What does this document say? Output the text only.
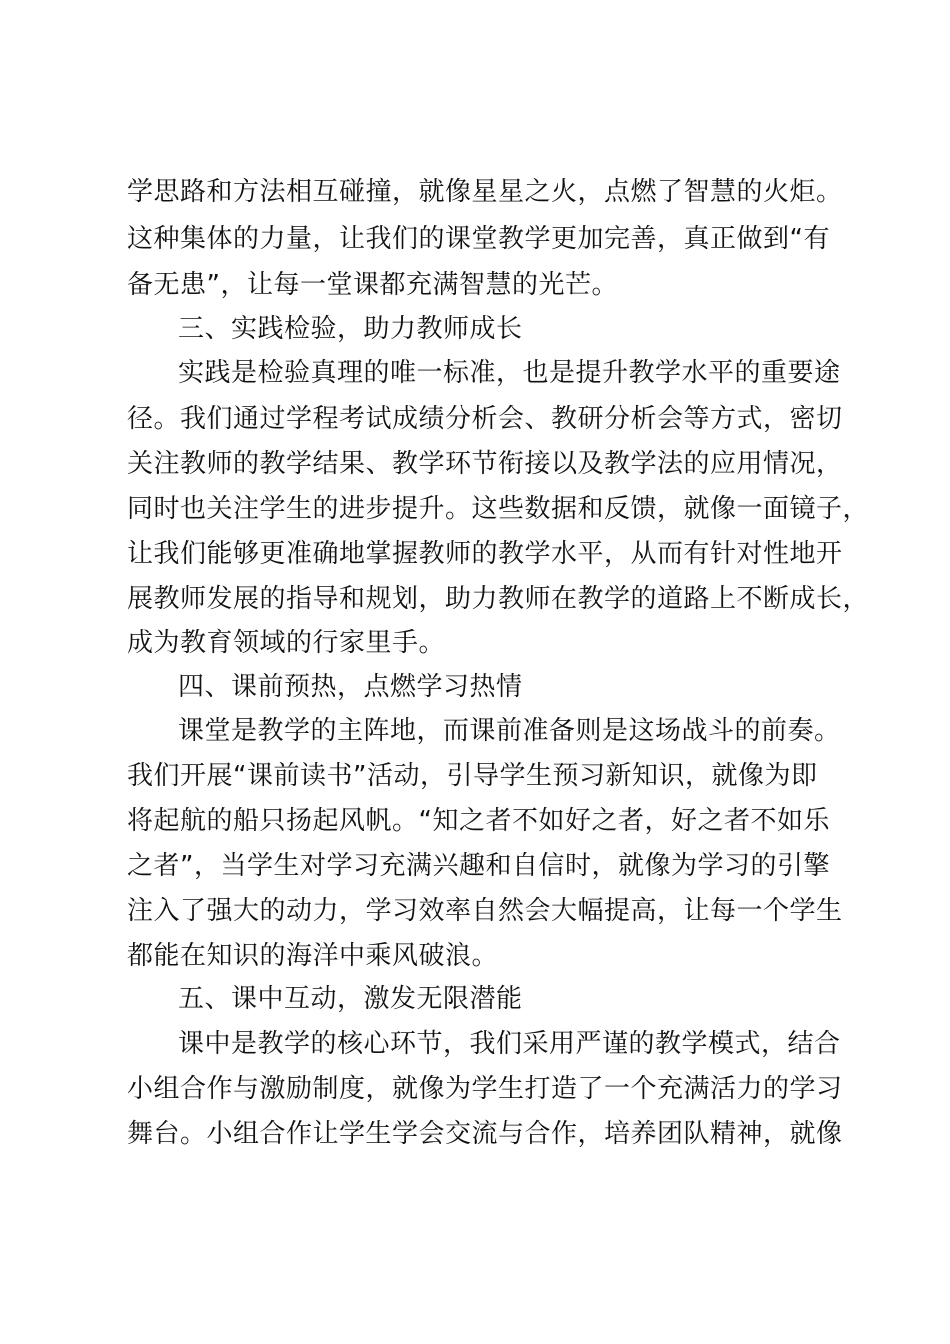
学思路和方法相互碰撞，就像星星之火，点燃了智慧的火炬。
这种集体的力量，让我们的课堂教学更加完善，真正做到“有
备无患”，让每一堂课都充满智慧的光芒。
三、实践检验，助力教师成长
实践是检验真理的唯一标准，也是提升教学水平的重要途
径。我们通过学程考试成绩分析会、教研分析会等方式，密切
关注教师的教学结果、教学环节衔接以及教学法的应用情况，
同时也关注学生的进步提升。这些数据和反馈，就像一面镜子，
让我们能够更准确地掌握教师的教学水平，从而有针对性地开
展教师发展的指导和规划，助力教师在教学的道路上不断成长，
成为教育领域的行家里手。
四、课前预热，点燃学习热情
课堂是教学的主阵地，而课前准备则是这场战斗的前奏。
我们开展“课前读书”活动，引导学生预习新知识，就像为即
将起航的船只扬起风帆。“知之者不如好之者，好之者不如乐
之者”，当学生对学习充满兴趣和自信时，就像为学习的引擎
注入了强大的动力，学习效率自然会大幅提高，让每一个学生
都能在知识的海洋中乘风破浪。
五、课中互动，激发无限潜能
课中是教学的核心环节，我们采用严谨的教学模式，结合
小组合作与激励制度，就像为学生打造了一个充满活力的学习
舞台。小组合作让学生学会交流与合作，培养团队精神，就像
